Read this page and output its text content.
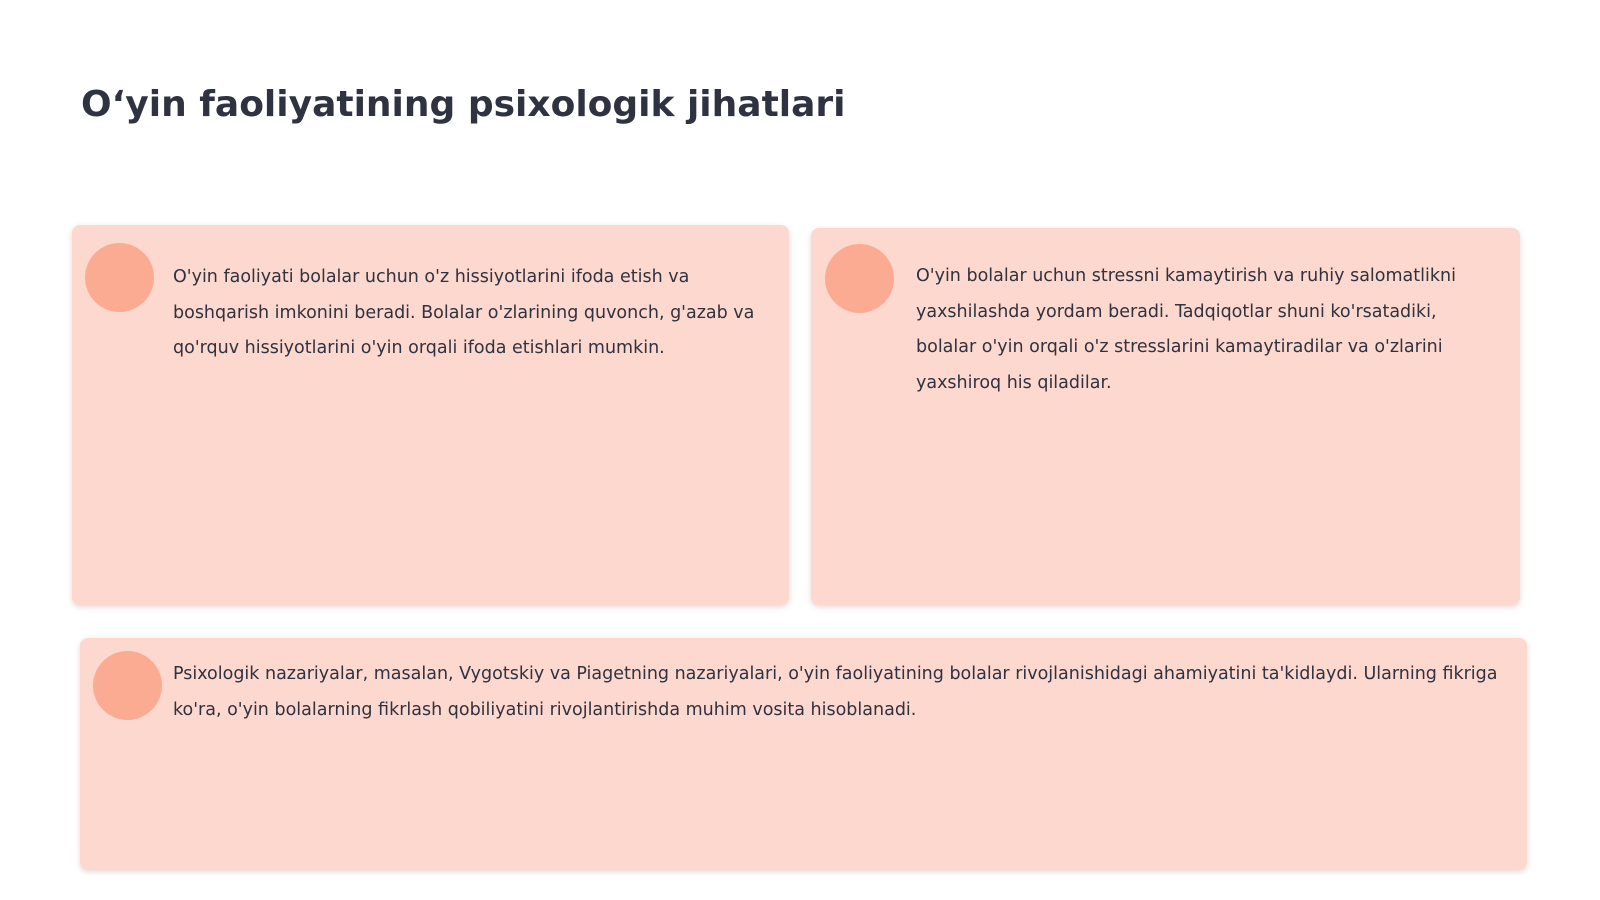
O‘yin faoliyatining psixologik jihatlari

O'yin faoliyati bolalar uchun o'z hissiyotlarini ifoda etish va boshqarish imkonini beradi. Bolalar o'zlarining quvonch, g'azab va qo'rquv hissiyotlarini o'yin orqali ifoda etishlari mumkin.

O'yin bolalar uchun stressni kamaytirish va ruhiy salomatlikni yaxshilashda yordam beradi. Tadqiqotlar shuni ko'rsatadiki, bolalar o'yin orqali o'z stresslarini kamaytiradilar va o'zlarini yaxshiroq his qiladilar.

Psixologik nazariyalar, masalan, Vygotskiy va Piagetning nazariyalari, o'yin faoliyatining bolalar rivojlanishidagi ahamiyatini ta'kidlaydi. Ularning fikriga ko'ra, o'yin bolalarning fikrlash qobiliyatini rivojlantirishda muhim vosita hisoblanadi.
